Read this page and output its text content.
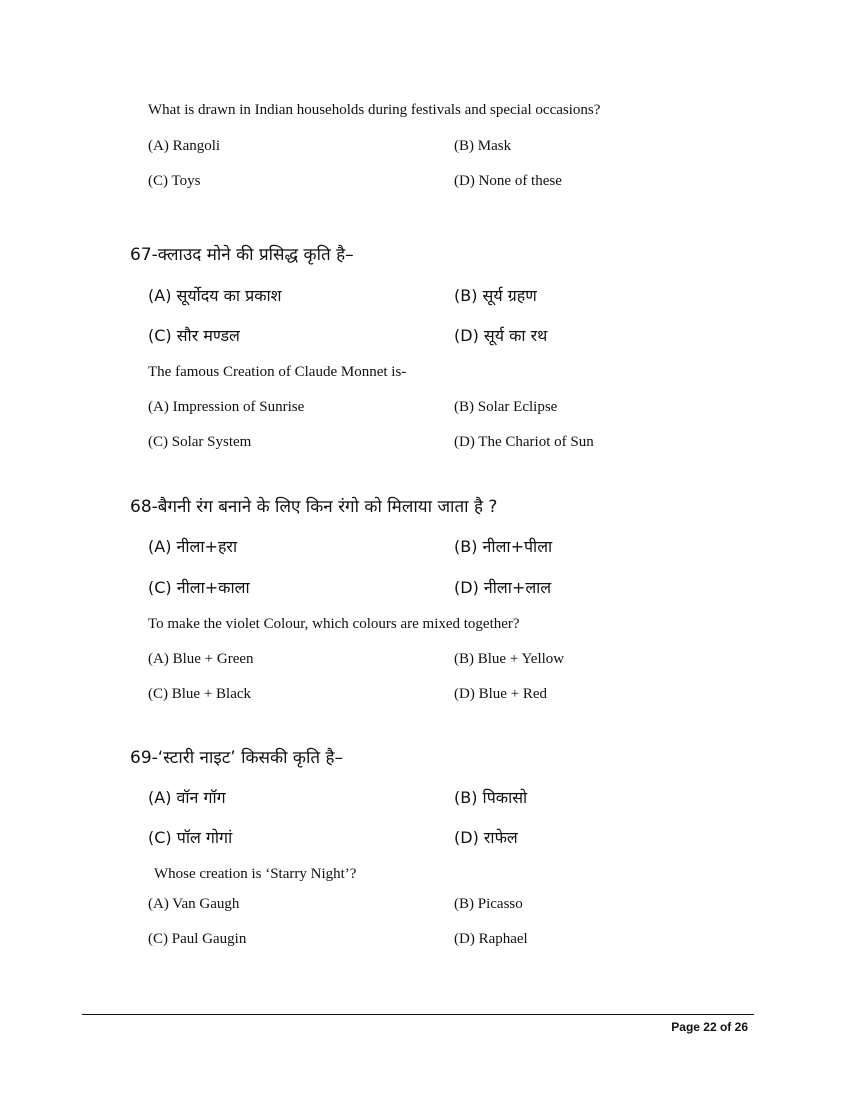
What is drawn in Indian households during festivals and special occasions?
(A) Rangoli	(B) Mask
(C) Toys	(D) None of these
67-क्लाउद मोने की प्रसिद्ध कृति है–
(A) सूर्योदय का प्रकाश	(B) सूर्य ग्रहण
(C) सौर मण्डल	(D) सूर्य का रथ
The famous Creation of Claude Monnet is-
(A) Impression of Sunrise	(B) Solar Eclipse
(C) Solar System	(D) The Chariot of Sun
68-बैगनी रंग बनाने के लिए किन रंगो को मिलाया जाता है ?
(A) नीला+हरा	(B) नीला+पीला
(C) नीला+काला	(D) नीला+लाल
To make the violet Colour, which colours are mixed together?
(A) Blue + Green	(B) Blue + Yellow
(C) Blue + Black	(D) Blue + Red
69-‘स्टारी नाइट’ किसकी कृति है–
(A) वॉन गॉग	(B) पिकासो
(C) पॉल गोगां	(D) राफेल
Whose creation is ‘Starry Night’?
(A) Van Gaugh	(B) Picasso
(C) Paul Gaugin	(D) Raphael
Page 22 of 26
